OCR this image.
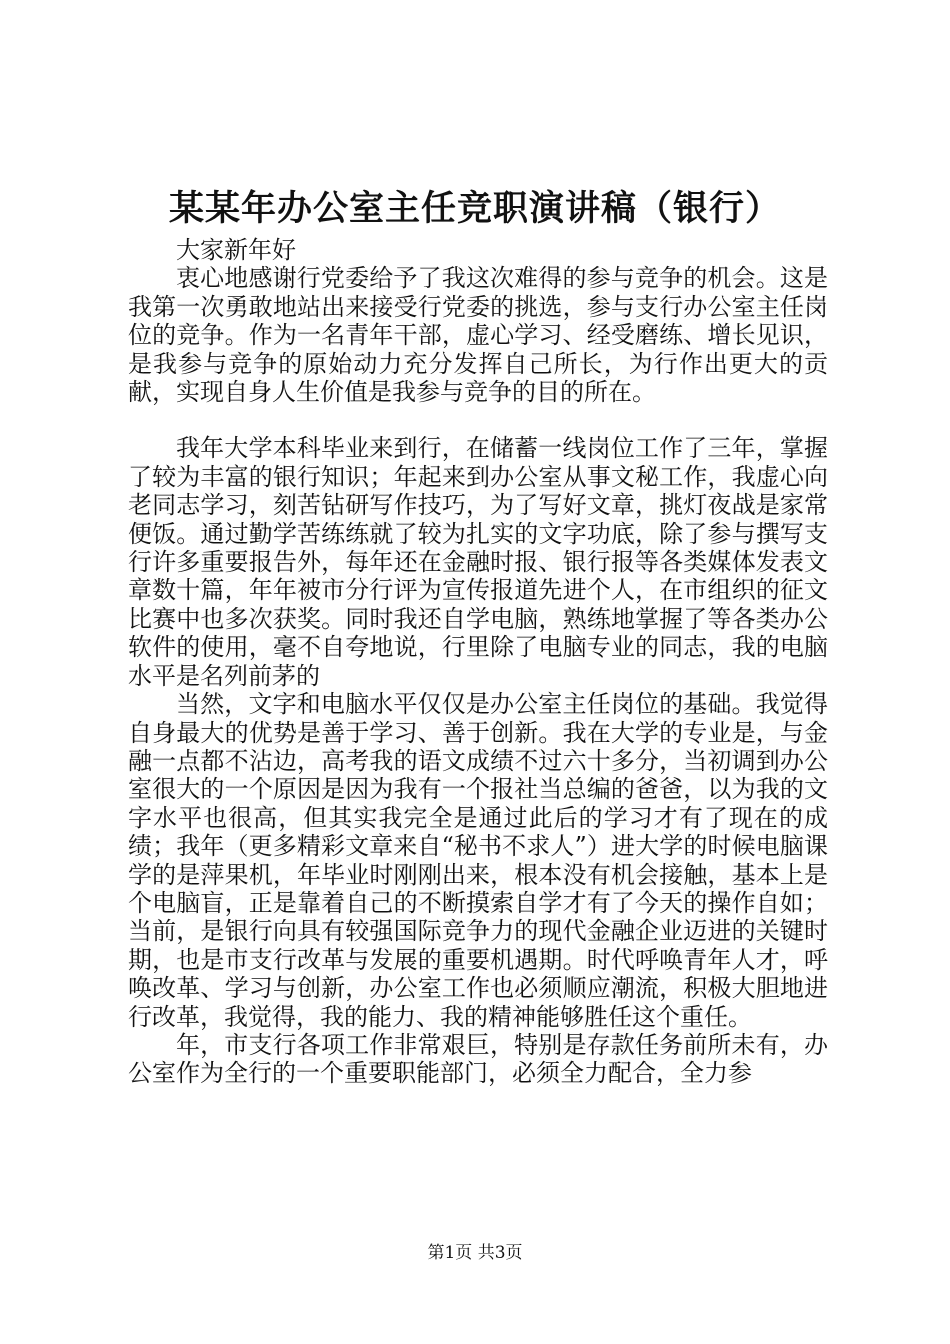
某某年办公室主任竞职演讲稿（银行）

大家新年好

衷心地感谢行党委给予了我这次难得的参与竞争的机会。这是我第一次勇敢地站出来接受行党委的挑选，参与支行办公室主任岗位的竞争。作为一名青年干部，虚心学习、经受磨练、增长见识，是我参与竞争的原始动力充分发挥自己所长，为行作出更大的贡献，实现自身人生价值是我参与竞争的目的所在。

我年大学本科毕业来到行，在储蓄一线岗位工作了三年，掌握了较为丰富的银行知识；年起来到办公室从事文秘工作，我虚心向老同志学习，刻苦钻研写作技巧，为了写好文章，挑灯夜战是家常便饭。通过勤学苦练练就了较为扎实的文字功底，除了参与撰写支行许多重要报告外，每年还在金融时报、银行报等各类媒体发表文章数十篇，年年被市分行评为宣传报道先进个人，在市组织的征文比赛中也多次获奖。同时我还自学电脑，熟练地掌握了等各类办公软件的使用，毫不自夸地说，行里除了电脑专业的同志，我的电脑水平是名列前茅的

当然，文字和电脑水平仅仅是办公室主任岗位的基础。我觉得自身最大的优势是善于学习、善于创新。我在大学的专业是，与金融一点都不沾边，高考我的语文成绩不过六十多分，当初调到办公室很大的一个原因是因为我有一个报社当总编的爸爸，以为我的文字水平也很高，但其实我完全是通过此后的学习才有了现在的成绩；我年（更多精彩文章来自“秘书不求人”）进大学的时候电脑课学的是萍果机，年毕业时刚刚出来，根本没有机会接触，基本上是个电脑盲，正是靠着自己的不断摸索自学才有了今天的操作自如；当前，是银行向具有较强国际竞争力的现代金融企业迈进的关键时期，也是市支行改革与发展的重要机遇期。时代呼唤青年人才，呼唤改革、学习与创新，办公室工作也必须顺应潮流，积极大胆地进行改革，我觉得，我的能力、我的精神能够胜任这个重任。

年，市支行各项工作非常艰巨，特别是存款任务前所未有，办公室作为全行的一个重要职能部门，必须全力配合，全力参

第1页 共3页
